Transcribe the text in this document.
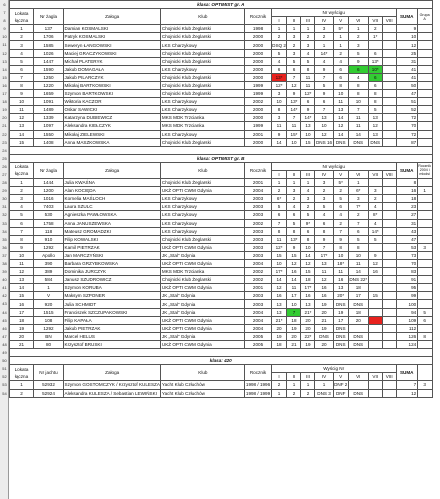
6
7
8
9
10
11
12
13
14
15
16
17
18
19
20
21
22
23
24
25
26
27
28
29
30
31
32
33
34
35
36
37
38
39
40
41
42
43
44
45
46
47
48
49
50
51
52
53
54
klasa: OPTIMIST gr. A														
Lokata łączna	Nr żagla	Załoga	Klub	Rocznik	Nr wyścigu								SUMA	Grupa A
					I	II	III	IV	V	VI	VII	VIII		
1	137	Damian KOSMALSKI	Chojnicki Klub Żeglarski	1998	1	1	1	3	5*	1	2		9	
2	1706	Patryk KOSMALSKI	Chojnicki Klub Żeglarski	2000	2	3	2	2	1	2	1*		10	
3	1585	Seweryn ŁANGOWSKI	LKS Charzykowy	2000	DSQ 2	2	3	1	1	3			12	
4	1026	Maciej GRACZYKOWSKI	Chojnicki Klub Żeglarski	2000	5	3	4	14*	2	5	6		25	
5	1447	Michał PLATERYK	Chojnicki Klub Żeglarski	2000	4	5	5	4	4	9	13*		31	
6	1590	Jakub DOMAGAŁA	LKS Charzykowy	2000	6	6	8	9	6	6	10*		41	
7	1250	Jakub PILARCZYK	Chojnicki Klub Żeglarski	2000	13*	7	11	7	6	4	6		41	
8	1220	Mikołaj BARTKOWSKI	Chojnicki Klub Żeglarski	1999	12*	12	11	5	8	8	6		50	
9	1659	Szymon BARTKOWSKI	Chojnicki Klub Żeglarski	1999	3	9	12*	9	10	8	8		47	
10	1091	Wiktoria KACZOR	LKS Charzykowy	2002	10	13*	6	6	11	10	8		51	
11	1489	Oskar SAWICKI	LKS Charzykowy	2000	8	14*	9	7	13	7	5		52	
12	1339	Katarzyna DUBIEWICZ	MKS MDK Trzcianka	2000	3	7	14*	13	14	11	13		72	
13	1097	Aleksandra KIEŁCZYK	MKS MDK Trzcianka	1999	11	11	13	10	12	11	12		70	
14	1550	Mikołaj ZIELEWSKI	LKS Charzykowy	2001	9	15*	10	12	14	14	13		72	
15	1408	Anna MASZKOWSKA	Chojnicki Klub Żeglarski	2000	14	10	15	DNS 16	DNS	DNS	DNS		87	

klasa: OPTIMIST gr. B														
Lokata łączna	Nr żagla	Załoga	Klub	Rocznik	Nr wyścigu								SUMA	Rocznik 2004 i młodsi
					I	II	III	IV	V	VI	VII	VIII		
1	1444	Julia KWAŚNA	Chojnicki Klub Żeglarski	2001	1	1	1	3	5*	1			8	
2	1200	Alan KOCIĘDA	UKŻ OPTI CWM Gdynia	2004	2	3	4	2	2	6*	3		16	1
3	1016	Kornelia MAŚLOCH	LKS Charzykowy	2003	6*	2	3	3	5	3	2		18	
4	7403	Laura SZULC	LKS Charzykowy	2003	5	4	2	5	6	7*	4		23	
5	530	Agnieszka PAWŁOWSKA	LKS Charzykowy	2003	6	6	5	4	4	2	8*		27	
6	1758	Anna JANUSZEWSKA	LKS Charzykowy	2002	7	5	9*	6	2	7	4		31	
7	118	Mateusz GROMADZKI	LKS Charzykowy	2003	8	8	6	8	7	6	14*		43	
8	910	Filip KOWALSKI	Chojnicki Klub Żeglarski	2003	11	13*	8	9	9	5	5		47	
9	1292	Kamil PIETRZAK	UKŻ OPTI CWM Gdynia	2003	12*	9	10	7	8	8			53	3
10	Apollo	Jan MARCZYŃSKI	JK „Stal” Gdynia	2003	15	15	14	17*	10	10	9		73	
11	390	Barbara GRZYBKOWSKA	UKŻ OPTI CWM Gdynia	2004	10	12	12	13	18*	11	12		70	
12	389	Dominika JURCZYK	MKS MDK Trzcianka	2002	17*	16	15	11	11	14	16		83	
13	584	Janusz SZUDROWICZ	Chojnicki Klub Żeglarski	2002	14	14	18	12	16	DNS 22*			91	
14	1	Szymon KORUBA	UKŻ OPTI CWM Gdynia	2001	12	11	17*	16	13	18			95	
15	V	Maksym SZPONER	JK „Stal” Gdynia	2003	16	17	16	16	20*	17	15		99	
16	920	Julia SCHMIDT	JK „Stal” Gdynia	2003	13	10	13	19	DNS	DNS			100	
17	1515	Franciszek SZCZUPAKOWSKI	JK „Stal” Gdynia	2004	13	7	21*	20	19	18			94	5
18	108	Filip KAPAŁA	UKŻ OPTI CWM Gdynia	2004	21*	18	20	21	17	20			109	6
19	1292	Jakub PIETRZAK	UKŻ OPTI CWM Gdynia	2004	20	19	20	19	DNS				112	
20	BN	Marcel HELUS	JK „Stal” Gdynia	2005	19	20	22*	DNS	DNS	DNS			126	8
21	80	Krzysztof BRUSKI	UKŻ OPTI CWM Gdynia	2005	18	21	19	20	DNS	DNS			124	

klasa: 420														
Lokata łączna	Nr jachtu	Załoga	Klub	Rocznik	Wyścig Nr								SUMA	
					I	II	III	IV	V	VI	VII	VIII		
1	52932	Szymon GOSTOMCZYK / Krzysztof KULESZA	Yacht Klub Człuchów	1998 / 1996	2	1	1	1	DNF 2				7	3
2	52924	Aleksandra KULESZA / Sebastian LEWIŃSKI	Yacht Klub Człuchów	1998 / 1999	1	2	2	DNS 3	DNF	DNS			12	
